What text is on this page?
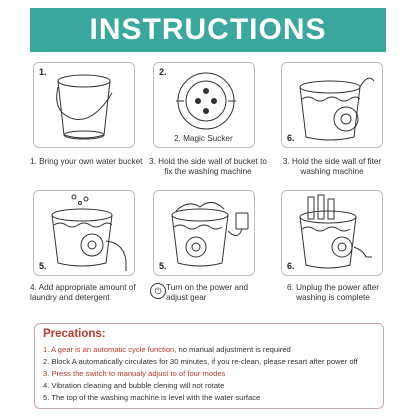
INSTRUCTIONS
1.	2.
2. Magic Sucker	6.
1. Bring your own water bucket 3. Hold the side wall of bucket to fix the washing machine
3. Hold the side wall of fiter washing machine
5.	5.	6.
4. Add appropriate amount of laundry and detergent
⏻ Turn on the power and adjust gear
6. Unplug the power after washing is complete
Precations:
1. A gear is an automatic cycle function, no manual adjustment is required
2. Block A automatically circulates for 30 minutes, if you re-clean, please resart after power off
3. Press the switch to manualy adjust to of four modes
4. Vibration cleaning and bubble clening will not rotate
5. The top of the washing machine is level with the water surface
